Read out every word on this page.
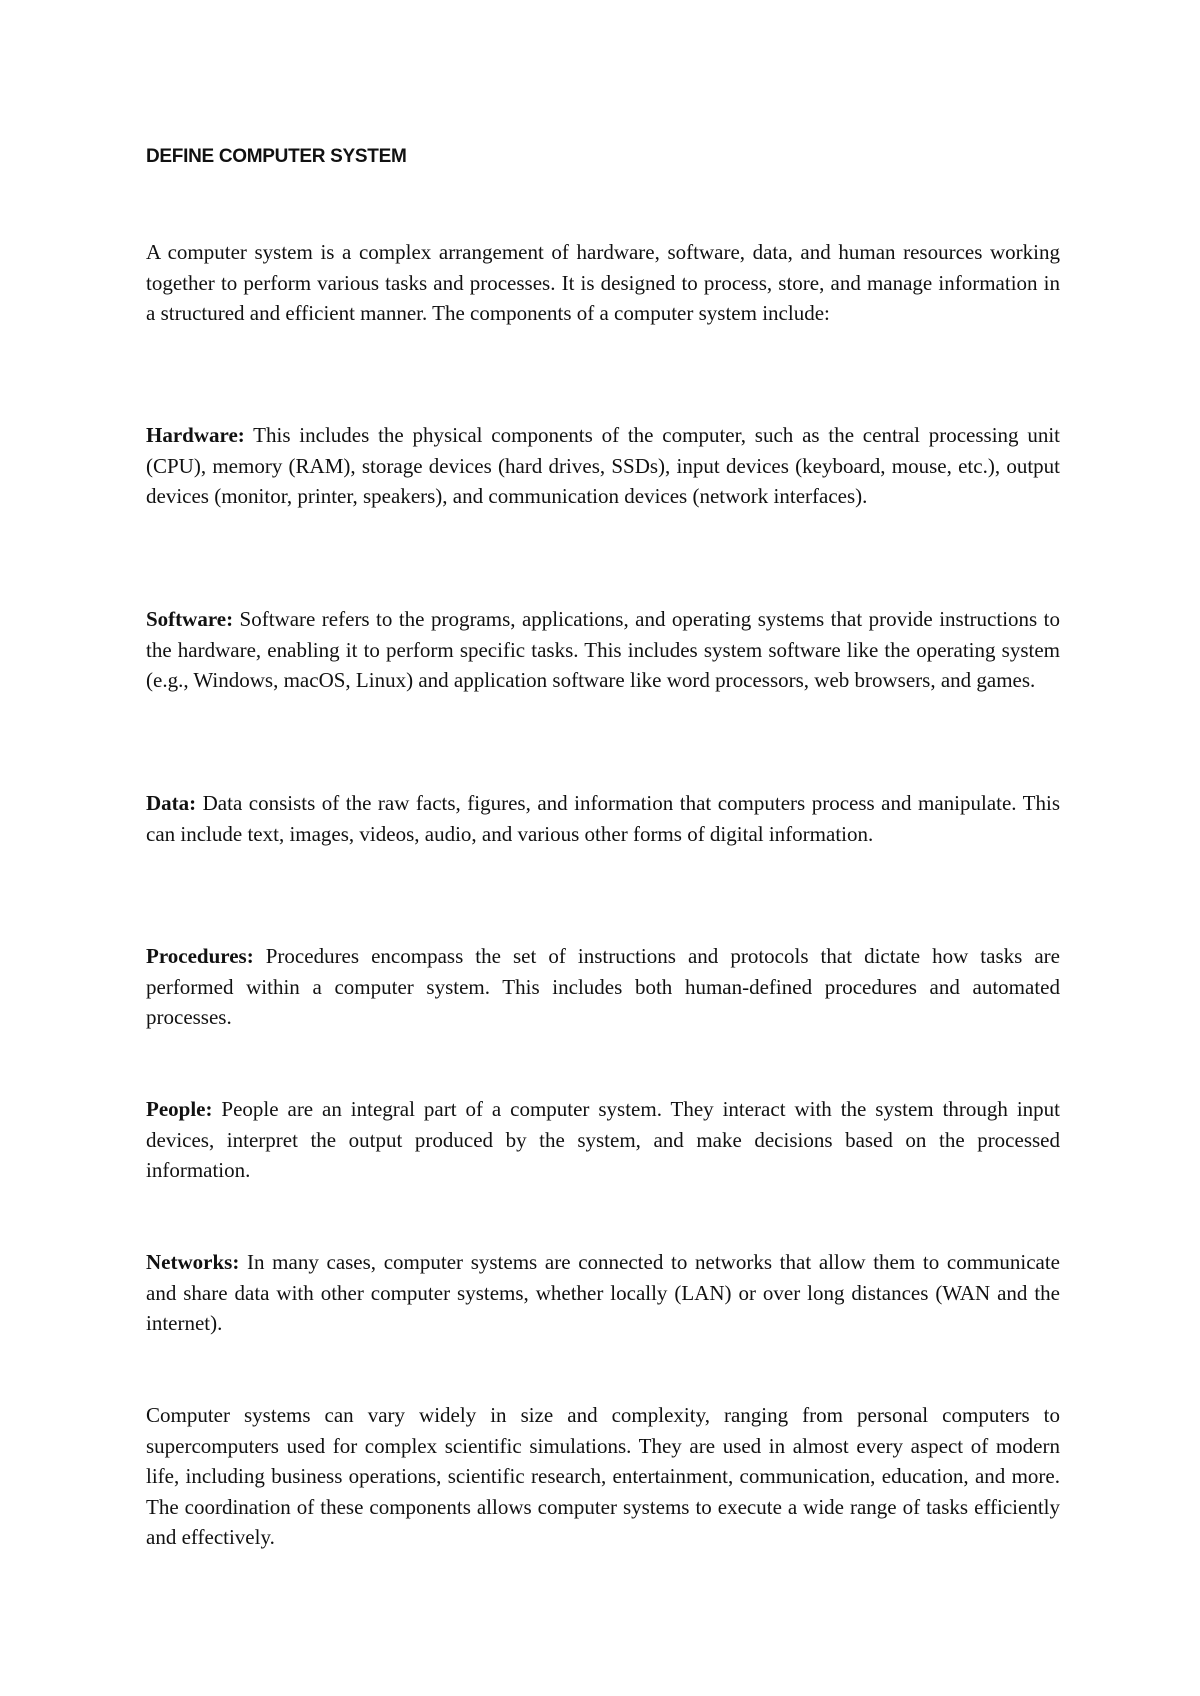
DEFINE COMPUTER SYSTEM

A computer system is a complex arrangement of hardware, software, data, and human resources working together to perform various tasks and processes. It is designed to process, store, and manage information in a structured and efficient manner. The components of a computer system include:

Hardware: This includes the physical components of the computer, such as the central processing unit (CPU), memory (RAM), storage devices (hard drives, SSDs), input devices (keyboard, mouse, etc.), output devices (monitor, printer, speakers), and communication devices (network interfaces).

Software: Software refers to the programs, applications, and operating systems that provide instructions to the hardware, enabling it to perform specific tasks. This includes system software like the operating system (e.g., Windows, macOS, Linux) and application software like word processors, web browsers, and games.

Data: Data consists of the raw facts, figures, and information that computers process and manipulate. This can include text, images, videos, audio, and various other forms of digital information.

Procedures: Procedures encompass the set of instructions and protocols that dictate how tasks are performed within a computer system. This includes both human-defined procedures and automated processes.

People: People are an integral part of a computer system. They interact with the system through input devices, interpret the output produced by the system, and make decisions based on the processed information.

Networks: In many cases, computer systems are connected to networks that allow them to communicate and share data with other computer systems, whether locally (LAN) or over long distances (WAN and the internet).

Computer systems can vary widely in size and complexity, ranging from personal computers to supercomputers used for complex scientific simulations. They are used in almost every aspect of modern life, including business operations, scientific research, entertainment, communication, education, and more. The coordination of these components allows computer systems to execute a wide range of tasks efficiently and effectively.
